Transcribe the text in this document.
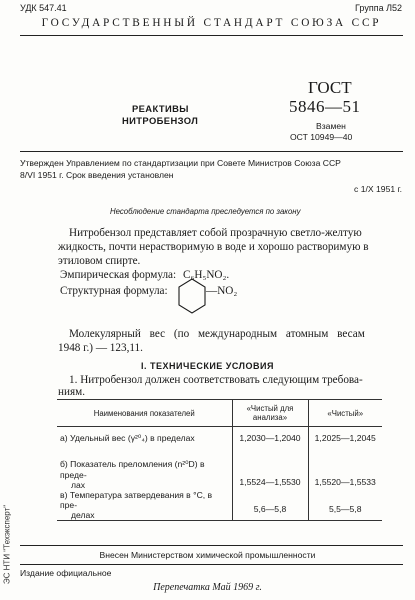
УДК 547.41	Группа Л52
ГОСУДАРСТВЕННЫЙ СТАНДАРТ СОЮЗА ССР
РЕАКТИВЫ
НИТРОБЕНЗОЛ
ГОСТ
5846—51
Взамен
ОСТ 10949—40
Утвержден Управлением по стандартизации при Совете Министров Союза ССР
8/VI 1951 г. Срок введения установлен
с 1/Х 1951 г.
Несоблюдение стандарта преследуется по закону
Нитробензол представляет собой прозрачную светло-желтую
жидкость, почти нерастворимую в воде и хорошо растворимую в
этиловом спирте.
Эмпирическая формула: C₆H₅NO₂.
Структурная формула:	—NO₂
Молекулярный вес (по международным атомным весам
1948 г.) — 123,11.
I. ТЕХНИЧЕСКИЕ УСЛОВИЯ
1. Нитробензол должен соответствовать следующим требова-
ниям.
Наименования показателей	«Чистый для анализа»	«Чистый»

а) Удельный вес (γ²⁰₄) в пределах	1,2030—1,2040	1,2025—1,2045

б) Показатель преломления (n²⁰D) в преде-
лах	1,5524—1,5530	1,5520—1,5533

в) Температура затвердевания в °С, в пре-
делах	5,6—5,8	5,5—5,8
Внесен Министерством химической промышленности
Издание официальное
Перепечатка Май 1969 г.
ЭС НТИ "Техэксперт"
